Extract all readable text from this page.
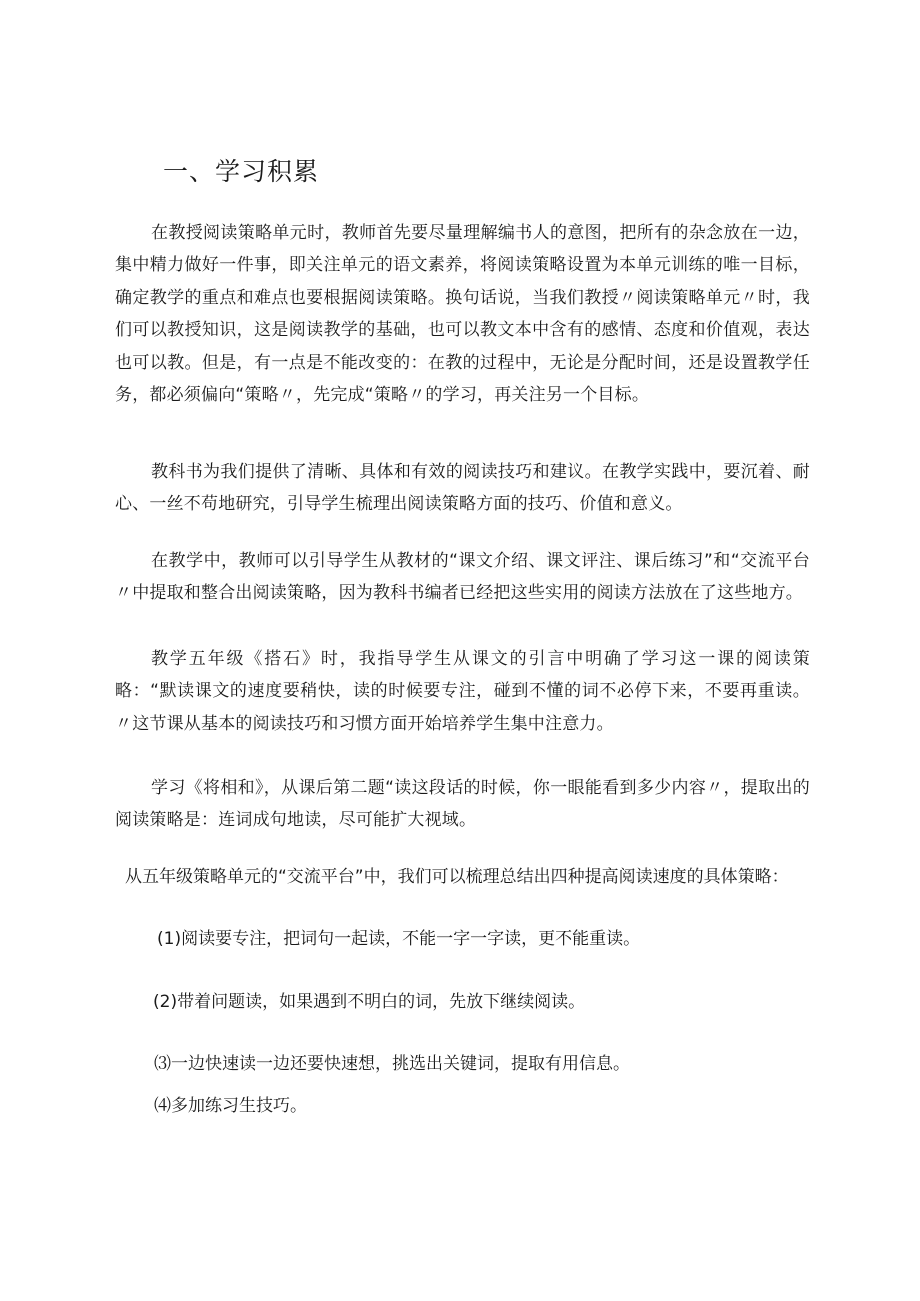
一、学习积累

在教授阅读策略单元时，教师首先要尽量理解编书人的意图，把所有的杂念放在一边，集中精力做好一件事，即关注单元的语文素养，将阅读策略设置为本单元训练的唯一目标，确定教学的重点和难点也要根据阅读策略。换句话说，当我们教授〃阅读策略单元〃时，我们可以教授知识，这是阅读教学的基础，也可以教文本中含有的感情、态度和价值观，表达也可以教。但是，有一点是不能改变的：在教的过程中，无论是分配时间，还是设置教学任务，都必须偏向“策略〃，先完成“策略〃的学习，再关注另一个目标。

教科书为我们提供了清晰、具体和有效的阅读技巧和建议。在教学实践中，要沉着、耐心、一丝不苟地研究，引导学生梳理出阅读策略方面的技巧、价值和意义。

在教学中，教师可以引导学生从教材的“课文介绍、课文评注、课后练习”和“交流平台〃中提取和整合出阅读策略，因为教科书编者已经把这些实用的阅读方法放在了这些地方。

教学五年级《搭石》时，我指导学生从课文的引言中明确了学习这一课的阅读策略：“默读课文的速度要稍快，读的时候要专注，碰到不懂的词不必停下来，不要再重读。〃这节课从基本的阅读技巧和习惯方面开始培养学生集中注意力。

学习《将相和》，从课后第二题“读这段话的时候，你一眼能看到多少内容〃，提取出的阅读策略是：连词成句地读，尽可能扩大视域。

从五年级策略单元的“交流平台”中，我们可以梳理总结出四种提高阅读速度的具体策略：

(1)阅读要专注，把词句一起读，不能一字一字读，更不能重读。

(2)带着问题读，如果遇到不明白的词，先放下继续阅读。

⑶一边快速读一边还要快速想，挑选出关键词，提取有用信息。

⑷多加练习生技巧。
